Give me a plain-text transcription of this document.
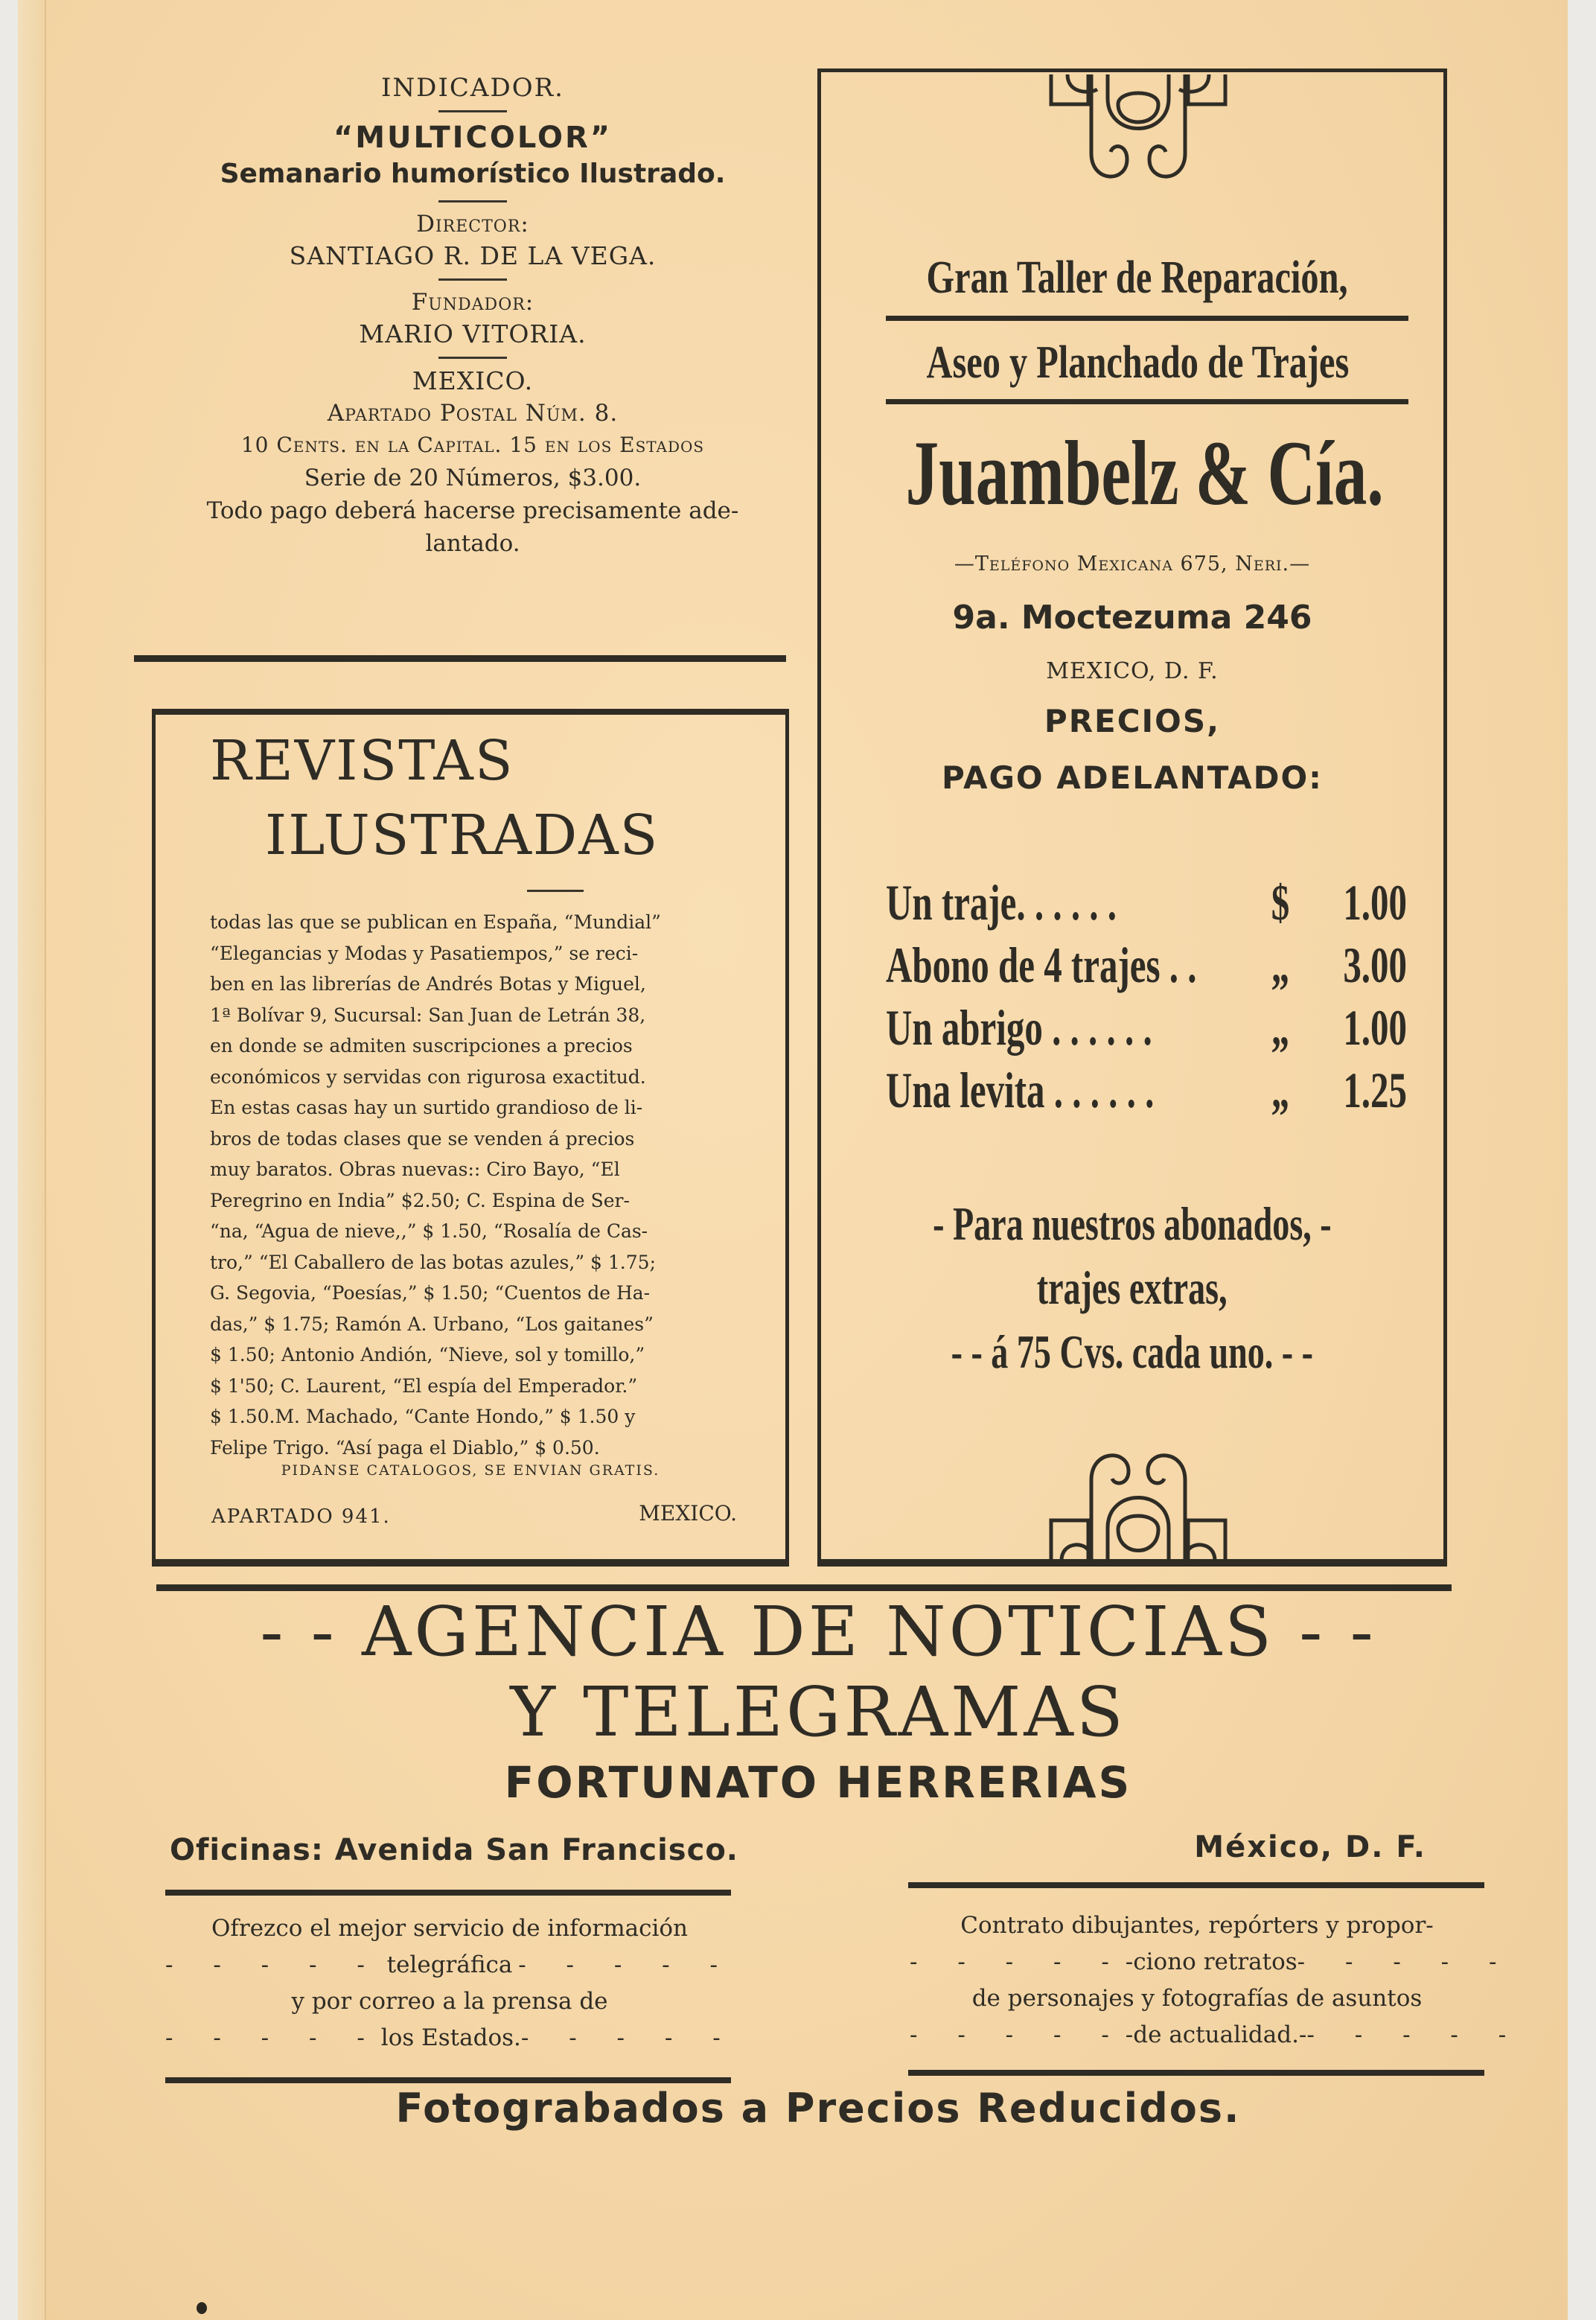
INDICADOR.
“MULTICOLOR”
Semanario humorístico Ilustrado.
Director:
SANTIAGO R. DE LA VEGA.
Fundador:
MARIO VITORIA.
MEXICO.
Apartado Postal Núm. 8.
10 Cents. en la Capital. 15 en los Estados
Serie de 20 Números, $3.00.
Todo pago deberá hacerse precisamente ade-
lantado.
REVISTAS
ILUSTRADAS

todas las que se publican en España, “Mundial”

“Elegancias y Modas y Pasatiempos,” se reci-

ben en las librerías de Andrés Botas y Miguel,

1ª Bolívar 9, Sucursal: San Juan de Letrán 38,

en donde se admiten suscripciones a precios

económicos y servidas con rigurosa exactitud.

En estas casas hay un surtido grandioso de li-

bros de todas clases que se venden á precios

muy baratos. Obras nuevas:: Ciro Bayo, “El

Peregrino en India” $2.50; C. Espina de Ser-

“na, “Agua de nieve,,” $ 1.50, “Rosalía de Cas-

tro,” “El Caballero de las botas azules,” $ 1.75;

G. Segovia, “Poesías,” $ 1.50; “Cuentos de Ha-

das,” $ 1.75; Ramón A. Urbano, “Los gaitanes”

$ 1.50; Antonio Andión, “Nieve, sol y tomillo,”

$ 1'50; C. Laurent, “El espía del Emperador.”

$ 1.50.M. Machado, “Cante Hondo,” $ 1.50 y

Felipe Trigo. “Así paga el Diablo,” $ 0.50.

PIDANSE CATALOGOS, SE ENVIAN GRATIS.
APARTADO 941.	MEXICO.
Gran Taller de Reparación,
Aseo y Planchado de Trajes
Juambelz & Cía.
—Teléfono Mexicana 675, Neri.—
9a. Moctezuma 246
MEXICO, D. F.
PRECIOS,
PAGO ADELANTADO:
Un traje. . . . . .	$ 1.00
Abono de 4 trajes . . „ 3.00
Un abrigo . . . . . . „ 1.00
Una levita . . . . . . „ 1.25
- Para nuestros abonados, -
trajes extras,
- - á 75 Cvs. cada uno. - -
- - AGENCIA DE NOTICIAS - -
Y TELEGRAMAS
FORTUNATO HERRERIAS
Oficinas: Avenida San Francisco.	México, D. F.
Ofrezco el mejor servicio de información
- - - - - telegráfica - - - - -
y por correo a la prensa de
- - - - - los Estados. - - - - -
Contrato dibujantes, repórters y propor-
- - - - - -ciono retratos - - - - -
de personajes y fotografías de asuntos
- - - - - -de actualidad.- - - - - -
Fotograbados a Precios Reducidos.
